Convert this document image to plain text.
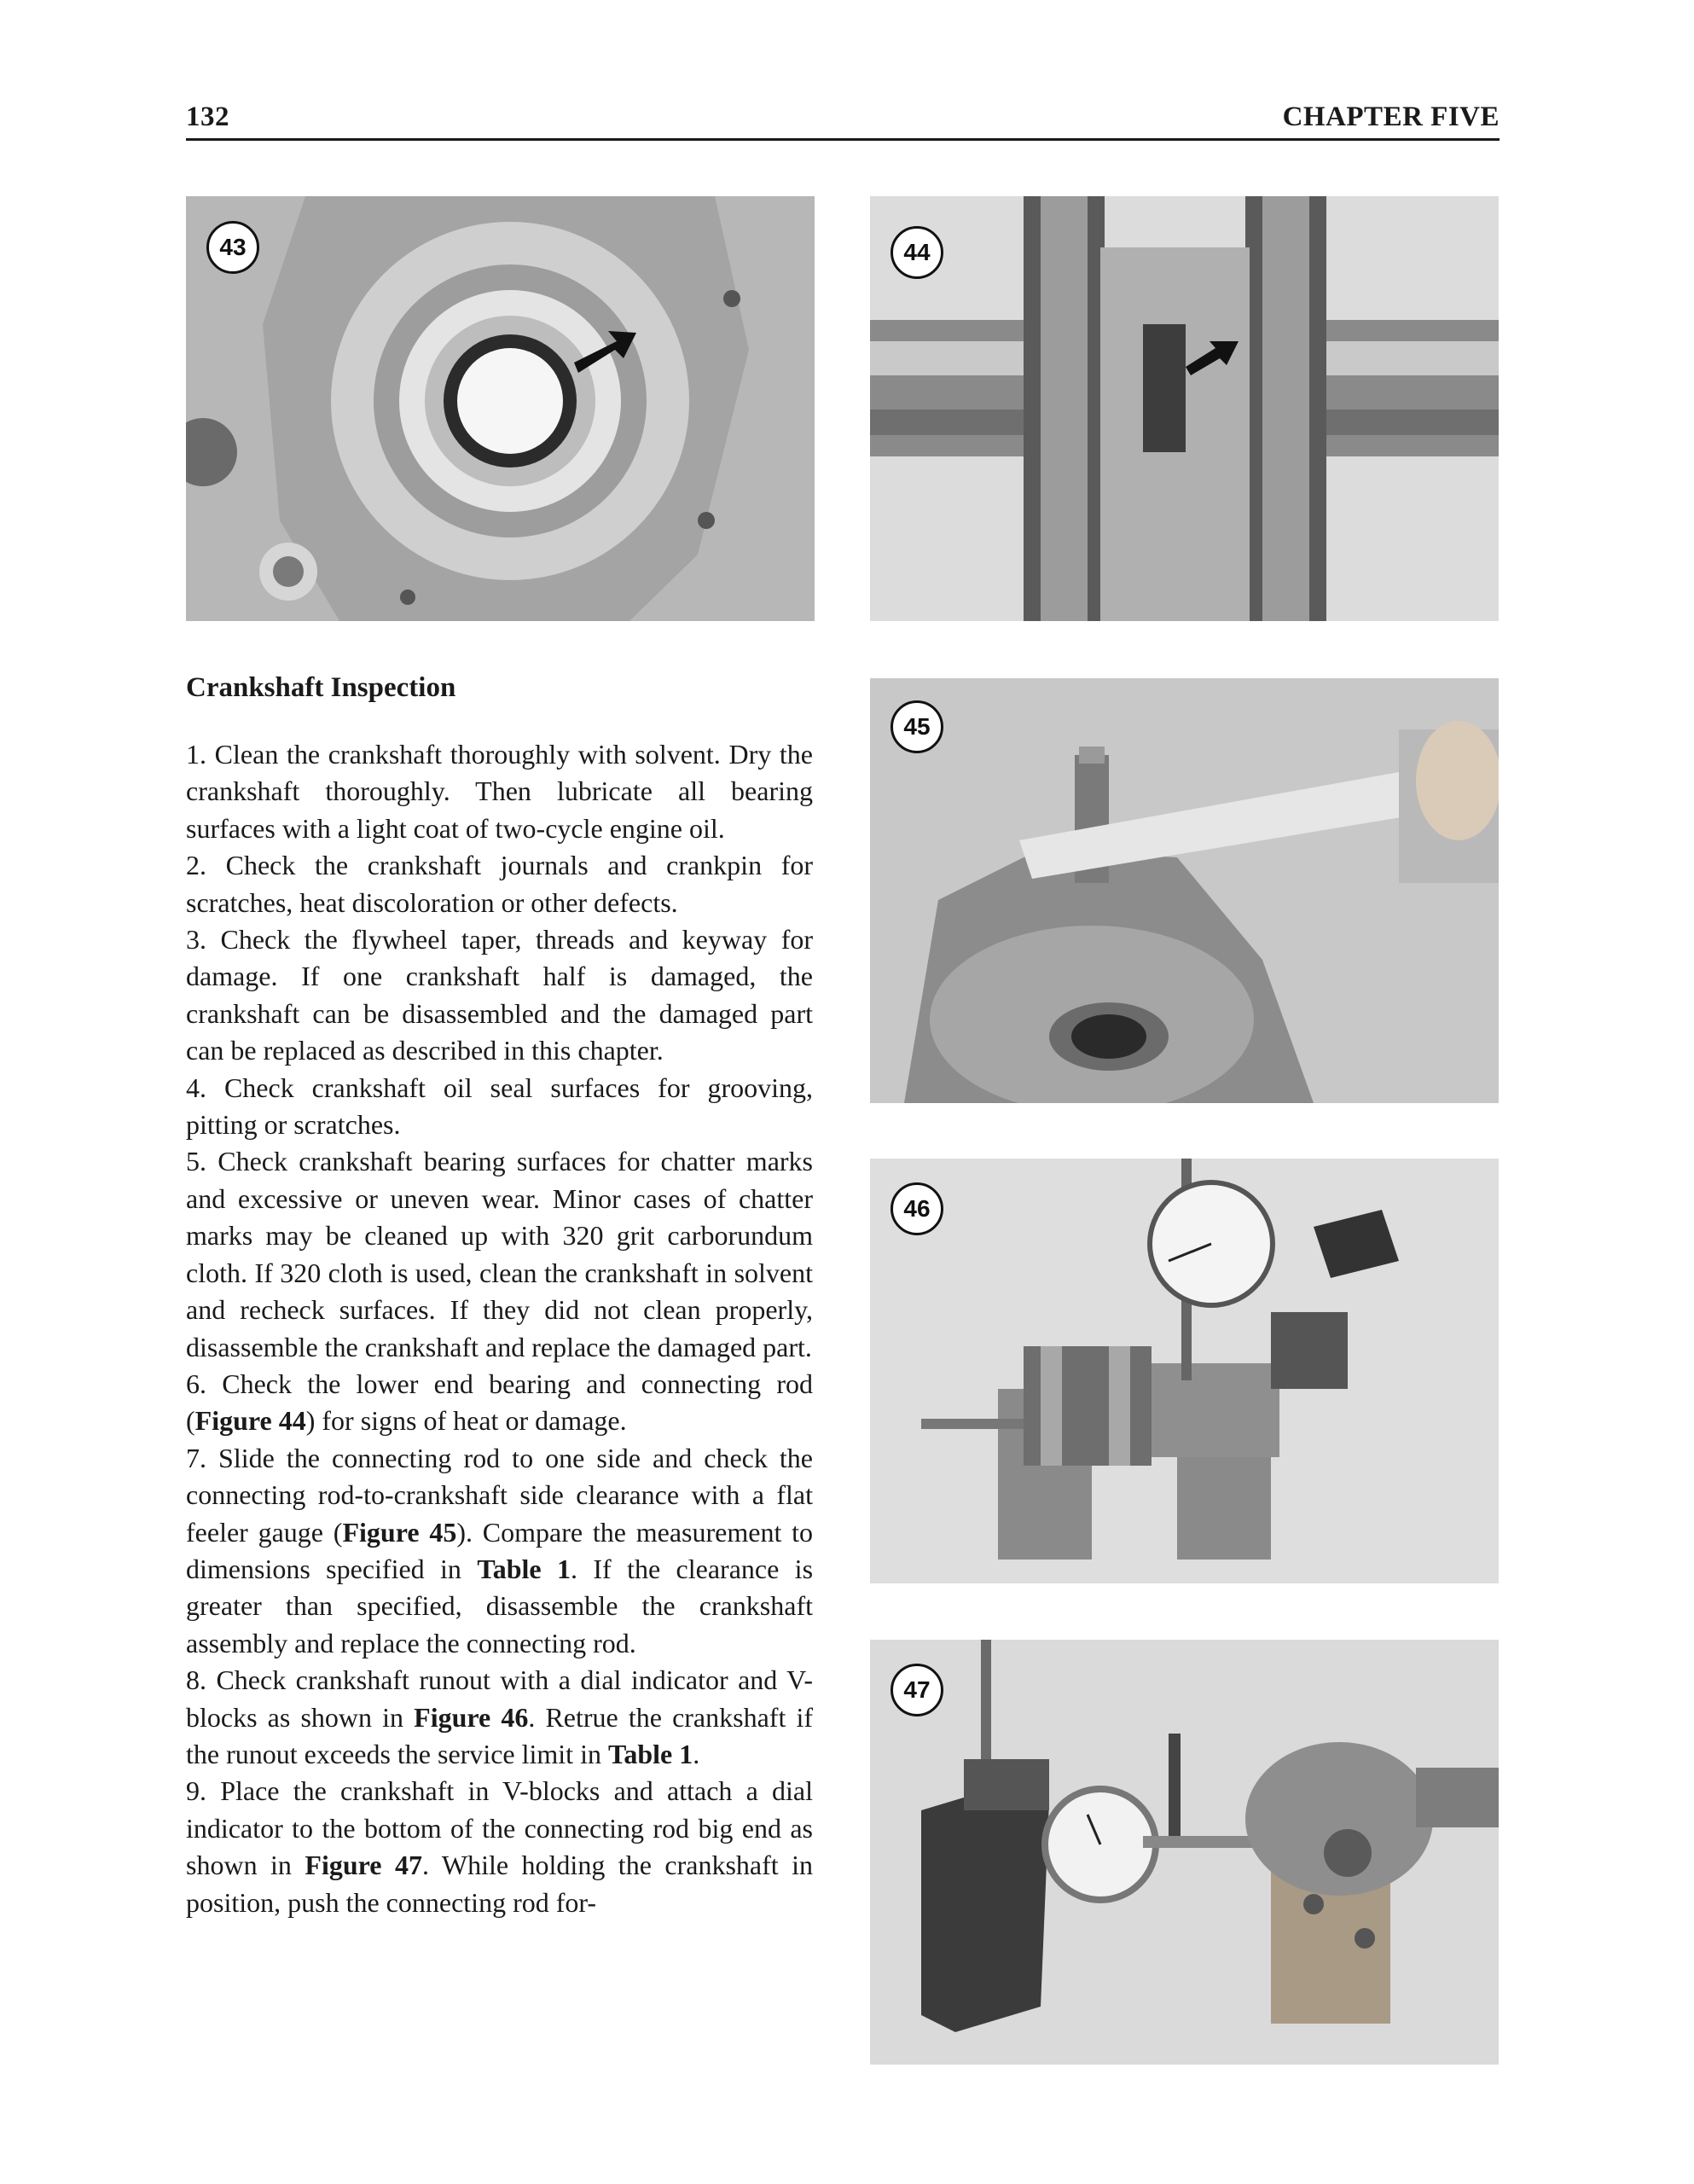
132	CHAPTER FIVE
43	44
45
46
47
Crankshaft Inspection

1. Clean the crankshaft thoroughly with solvent. Dry the crankshaft thoroughly. Then lubricate all bearing surfaces with a light coat of two-cycle engine oil.

2. Check the crankshaft journals and crankpin for scratches, heat discoloration or other defects.

3. Check the flywheel taper, threads and keyway for damage. If one crankshaft half is damaged, the crankshaft can be disassembled and the damaged part can be replaced as described in this chapter.

4. Check crankshaft oil seal surfaces for grooving, pitting or scratches.

5. Check crankshaft bearing surfaces for chatter marks and excessive or uneven wear. Minor cases of chatter marks may be cleaned up with 320 grit carborundum cloth. If 320 cloth is used, clean the crankshaft in solvent and recheck surfaces. If they did not clean properly, disassemble the crankshaft and replace the damaged part.

6. Check the lower end bearing and connecting rod (Figure 44) for signs of heat or damage.

7. Slide the connecting rod to one side and check the connecting rod-to-crankshaft side clearance with a flat feeler gauge (Figure 45). Compare the measurement to dimensions specified in Table 1. If the clearance is greater than specified, disassemble the crankshaft assembly and replace the connecting rod.

8. Check crankshaft runout with a dial indicator and V-blocks as shown in Figure 46. Retrue the crankshaft if the runout exceeds the service limit in Table 1.

9. Place the crankshaft in V-blocks and attach a dial indicator to the bottom of the connecting rod big end as shown in Figure 47. While holding the crankshaft in position, push the connecting rod for-
